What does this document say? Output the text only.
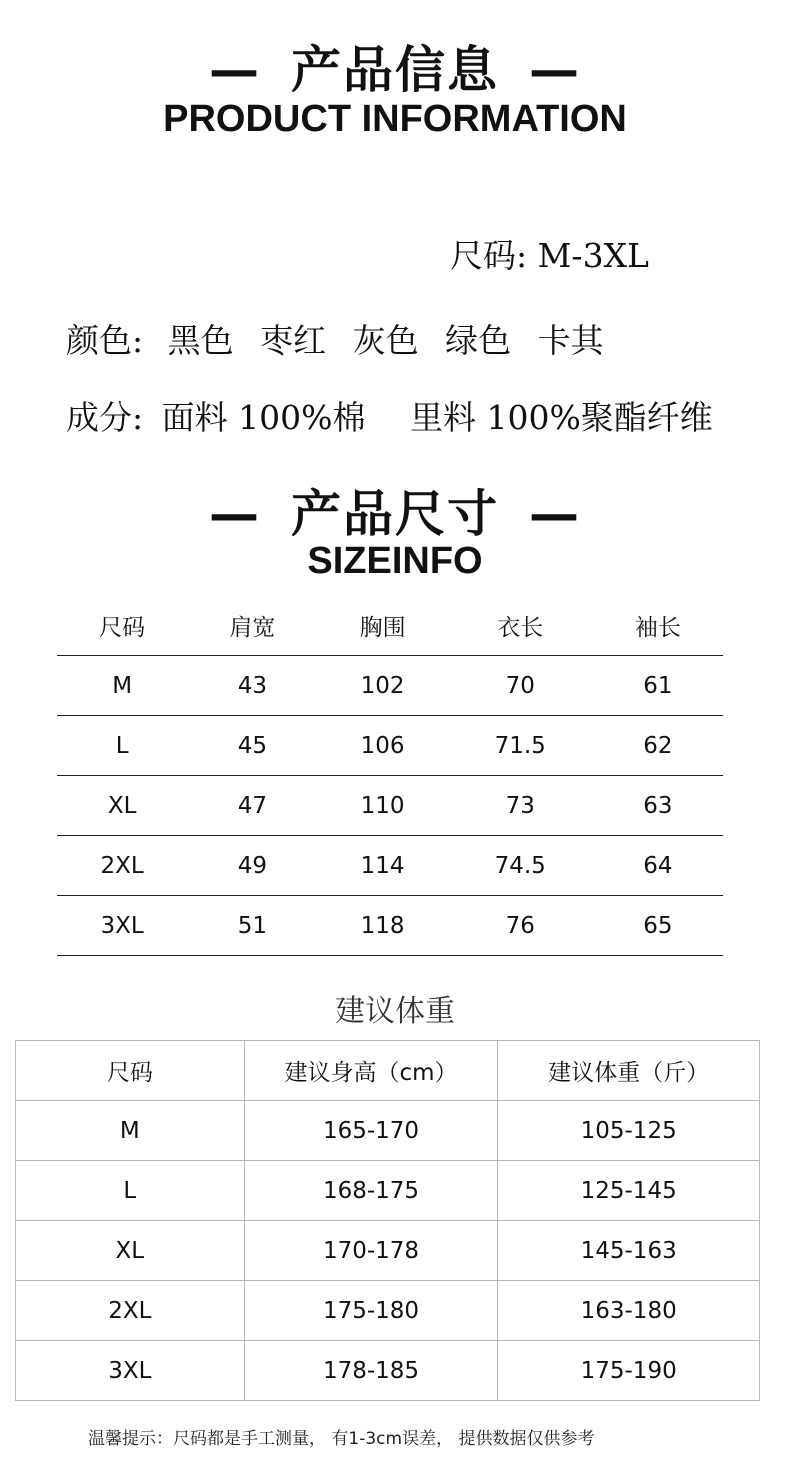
— 产品信息 —
PRODUCT INFORMATION
尺码: M-3XL
颜色: 黑色 枣红 灰色 绿色 卡其
成分: 面料 100%棉 里料 100%聚酯纤维
— 产品尺寸 —
SIZEINFO
尺码	肩宽	胸围	衣长	袖长
M	43	102	70	61
L	45	106	71.5	62
XL	47	110	73	63
2XL	49	114	74.5	64
3XL	51	118	76	65
建议体重
尺码	建议身高（cm）	建议体重（斤）
M	165-170	105-125
L	168-175	125-145
XL	170-178	145-163
2XL	175-180	163-180
3XL	178-185	175-190
温馨提示：尺码都是手工测量， 有1-3cm误差， 提供数据仅供参考
